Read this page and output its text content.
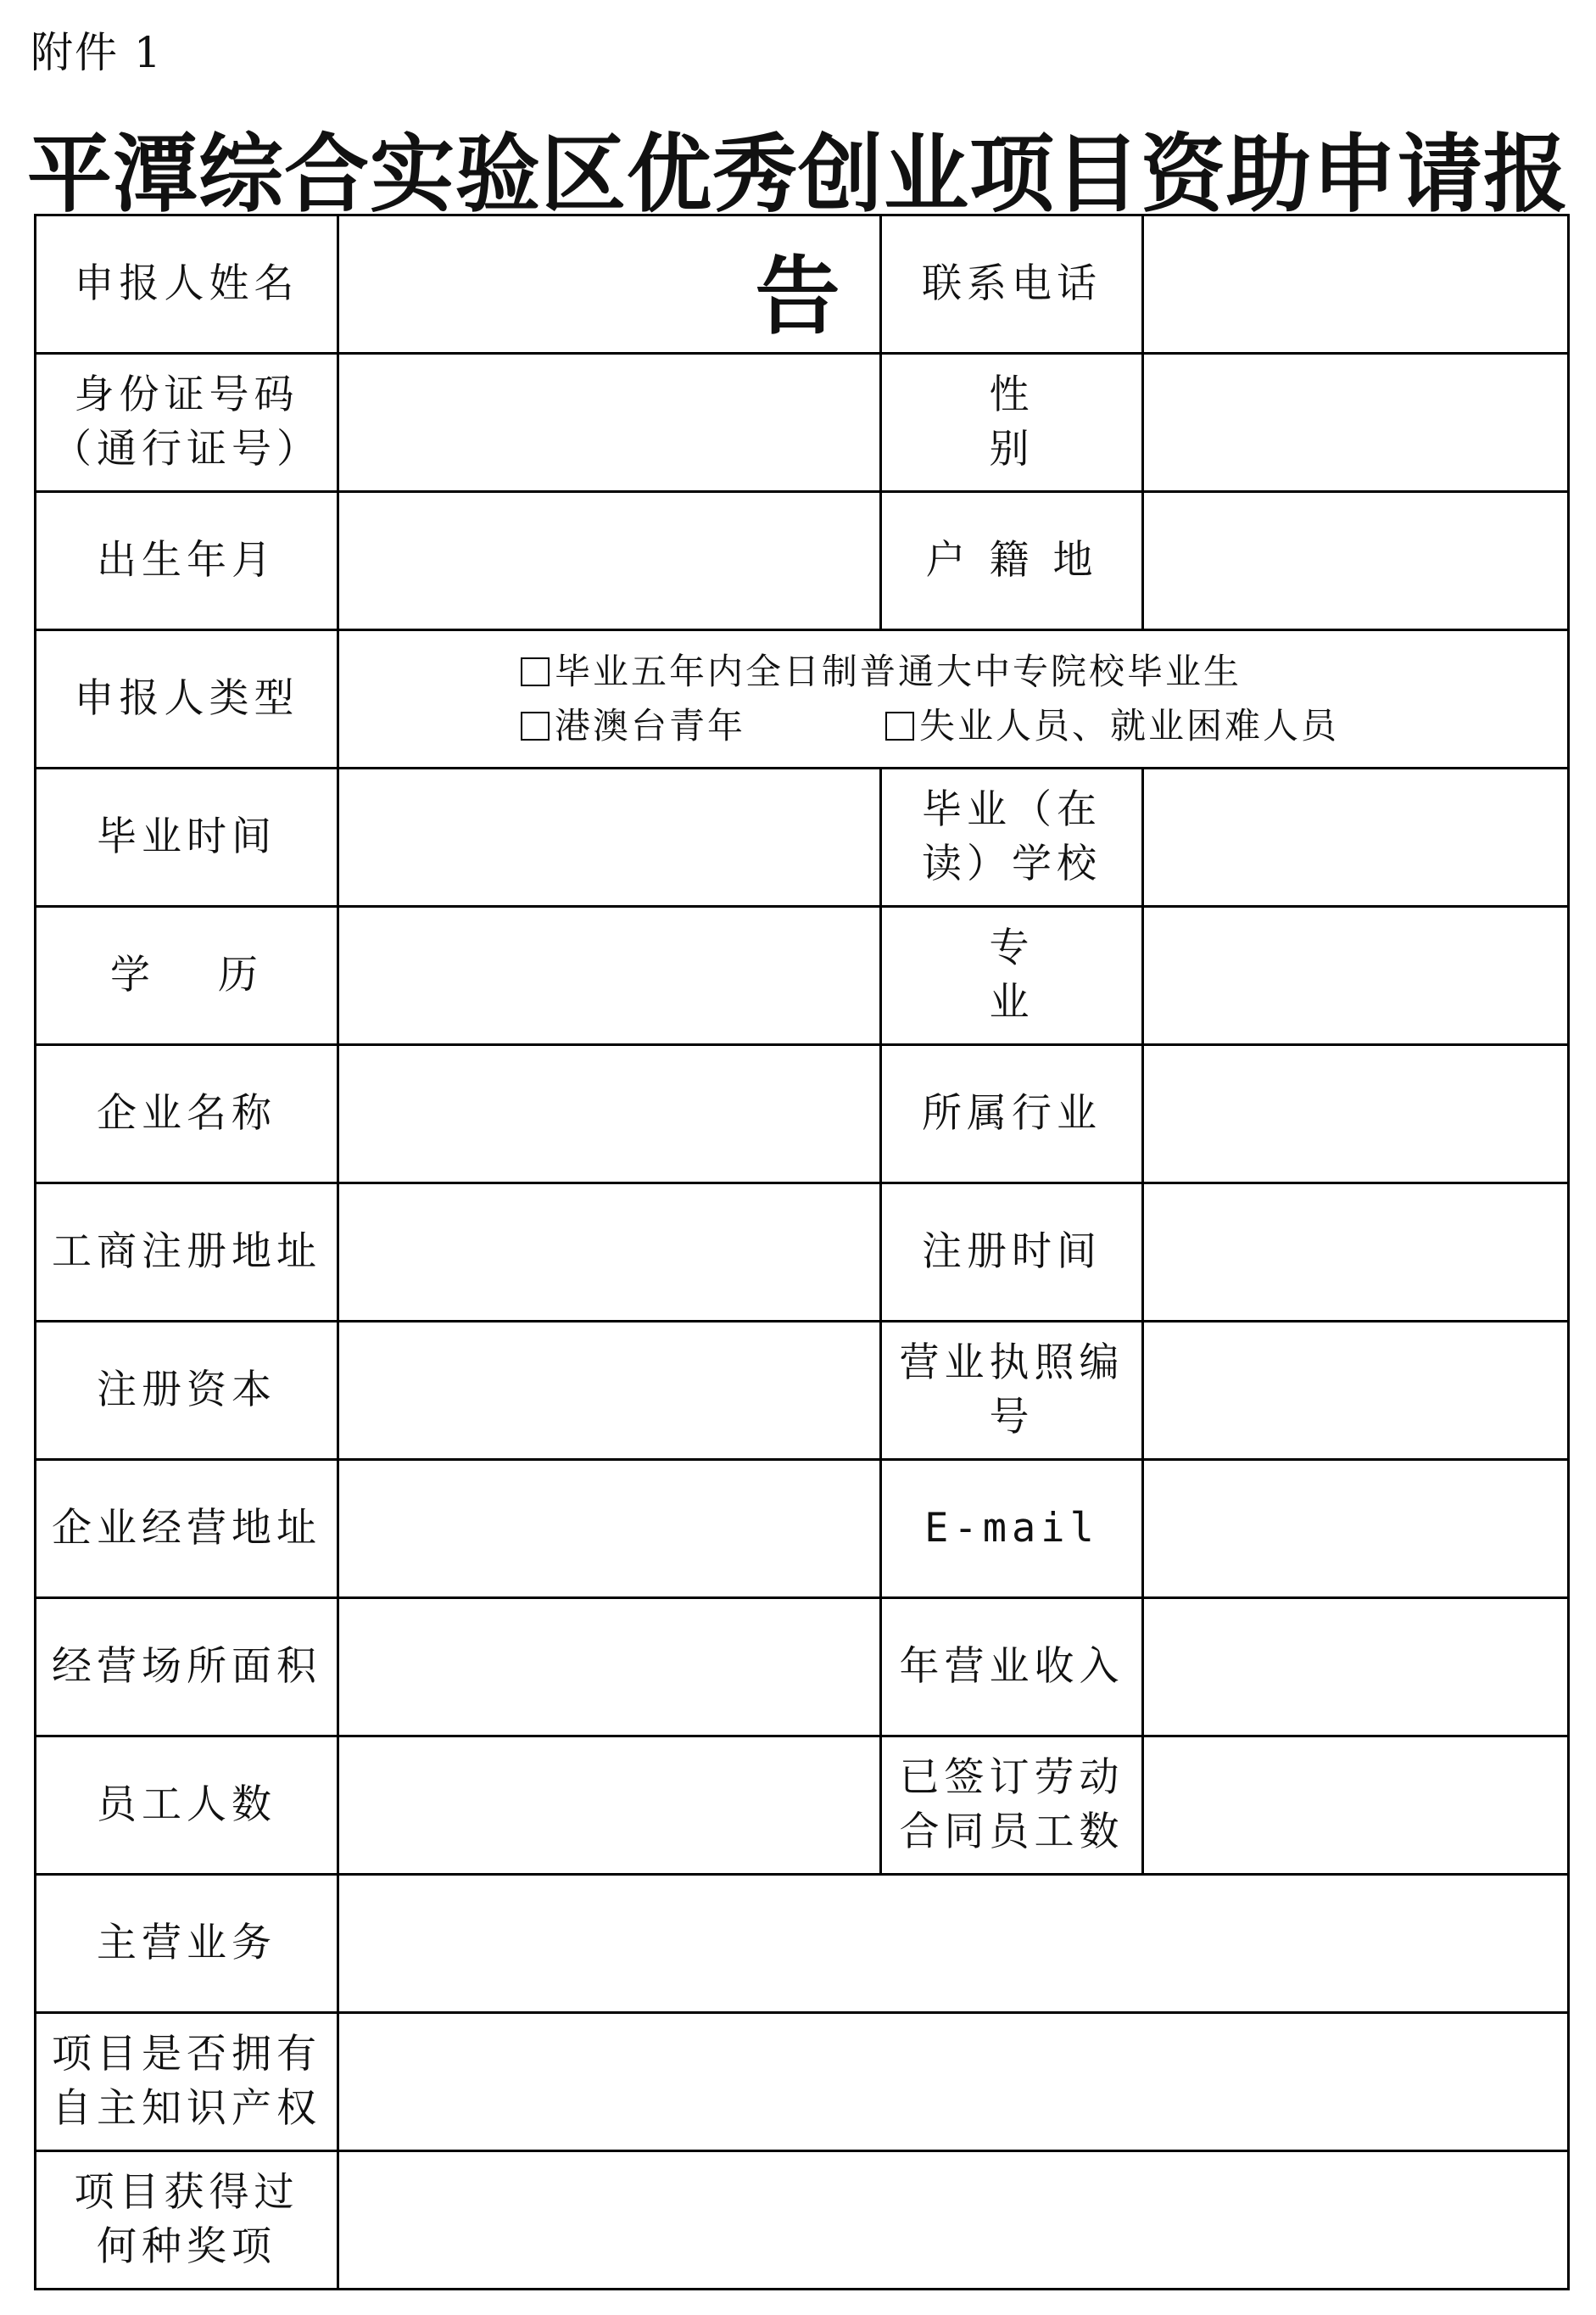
附件 1
平潭综合实验区优秀创业项目资助申请报告
申报人姓名		联系电话	

身份证号码
（通行证号）		性别	
出生年月		户籍地	
申报人类型	毕业五年内全日制普通大中专院校毕业生
港澳台青年 失业人员、就业困难人员		

毕业时间		毕业（在
读）学校	

学历		专业	
企业名称		所属行业	
工商注册地址		注册时间	
注册资本		营业执照编号	
企业经营地址		E-mail	
经营场所面积		年营业收入	
员工人数		已签订劳动
合同员工数	

主营业务			

项目是否拥有
自主知识产权			

项目获得过
何种奖项			
